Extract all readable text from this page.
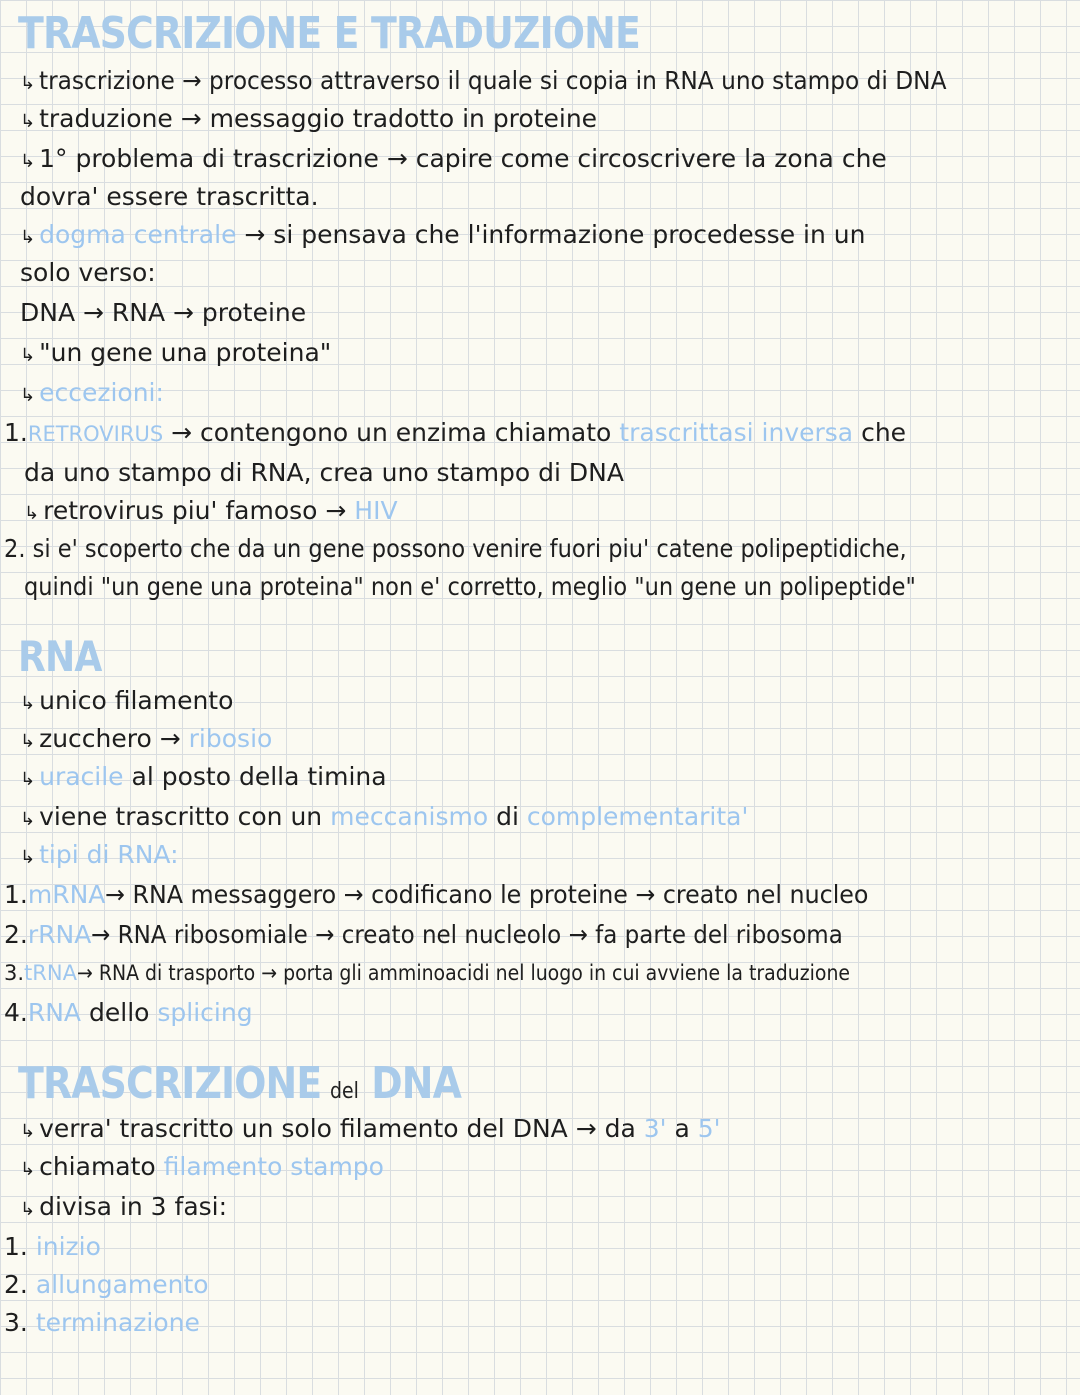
TRASCRIZIONE E TRADUZIONE
↳ trascrizione → processo attraverso il quale si copia in RNA uno stampo di DNA
↳ traduzione → messaggio tradotto in proteine
↳ 1° problema di trascrizione → capire come circoscrivere la zona che
dovra' essere trascritta.
↳ dogma centrale → si pensava che l'informazione procedesse in un
solo verso:
DNA → RNA → proteine
↳ "un gene una proteina"
↳ eccezioni:
1.RETROVIRUS → contengono un enzima chiamato trascrittasi inversa che
da uno stampo di RNA, crea uno stampo di DNA
↳ retrovirus piu' famoso → HIV
2. si e' scoperto che da un gene possono venire fuori piu' catene polipeptidiche,
quindi "un gene una proteina" non e' corretto, meglio "un gene un polipeptide"
RNA
↳ unico filamento
↳ zucchero → ribosio
↳ uracile al posto della timina
↳ viene trascritto con un meccanismo di complementarita'
↳ tipi di RNA:
1.mRNA→ RNA messaggero → codificano le proteine → creato nel nucleo
2.rRNA→ RNA ribosomiale → creato nel nucleolo → fa parte del ribosoma
3.tRNA→ RNA di trasporto → porta gli amminoacidi nel luogo in cui avviene la traduzione
4.RNA dello splicing
TRASCRIZIONE del DNA
↳ verra' trascritto un solo filamento del DNA → da 3' a 5'
↳ chiamato filamento stampo
↳ divisa in 3 fasi:
1. inizio
2. allungamento
3. terminazione
